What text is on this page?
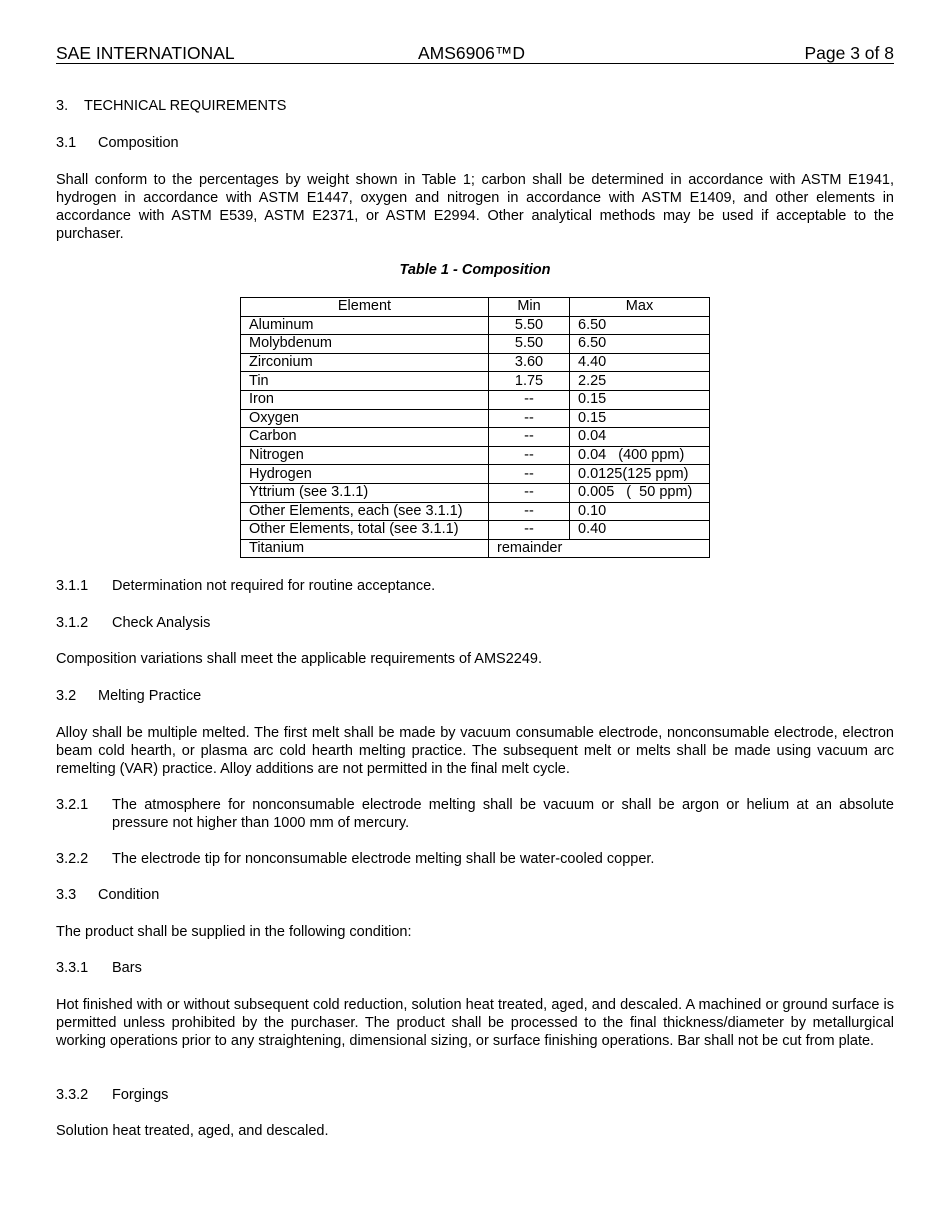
SAE INTERNATIONAL	AMS6906™D	Page 3 of 8
3. TECHNICAL REQUIREMENTS
3.1 Composition
Shall conform to the percentages by weight shown in Table 1; carbon shall be determined in accordance with ASTM E1941, hydrogen in accordance with ASTM E1447, oxygen and nitrogen in accordance with ASTM E1409, and other elements in accordance with ASTM E539, ASTM E2371, or ASTM E2994. Other analytical methods may be used if acceptable to the purchaser.
Table 1 - Composition
Element	Min	Max
Aluminum	5.50	6.50
Molybdenum	5.50	6.50
Zirconium	3.60	4.40
Tin	1.75	2.25
Iron	--	0.15
Oxygen	--	0.15
Carbon	--	0.04
Nitrogen	--	0.04 (400 ppm)
Hydrogen	--	0.0125(125 ppm)
Yttrium (see 3.1.1)	--	0.005 (  50 ppm)
Other Elements, each (see 3.1.1)	--	0.10
Other Elements, total (see 3.1.1)	--	0.40
Titanium	remainder	
3.1.1 Determination not required for routine acceptance.
3.1.2 Check Analysis
Composition variations shall meet the applicable requirements of AMS2249.
3.2 Melting Practice
Alloy shall be multiple melted. The first melt shall be made by vacuum consumable electrode, nonconsumable electrode, electron beam cold hearth, or plasma arc cold hearth melting practice. The subsequent melt or melts shall be made using vacuum arc remelting (VAR) practice. Alloy additions are not permitted in the final melt cycle.
3.2.1 The atmosphere for nonconsumable electrode melting shall be vacuum or shall be argon or helium at an absolute pressure not higher than 1000 mm of mercury.
3.2.2 The electrode tip for nonconsumable electrode melting shall be water-cooled copper.
3.3 Condition
The product shall be supplied in the following condition:
3.3.1 Bars
Hot finished with or without subsequent cold reduction, solution heat treated, aged, and descaled. A machined or ground surface is permitted unless prohibited by the purchaser. The product shall be processed to the final thickness/diameter by metallurgical working operations prior to any straightening, dimensional sizing, or surface finishing operations. Bar shall not be cut from plate.
3.3.2 Forgings
Solution heat treated, aged, and descaled.
